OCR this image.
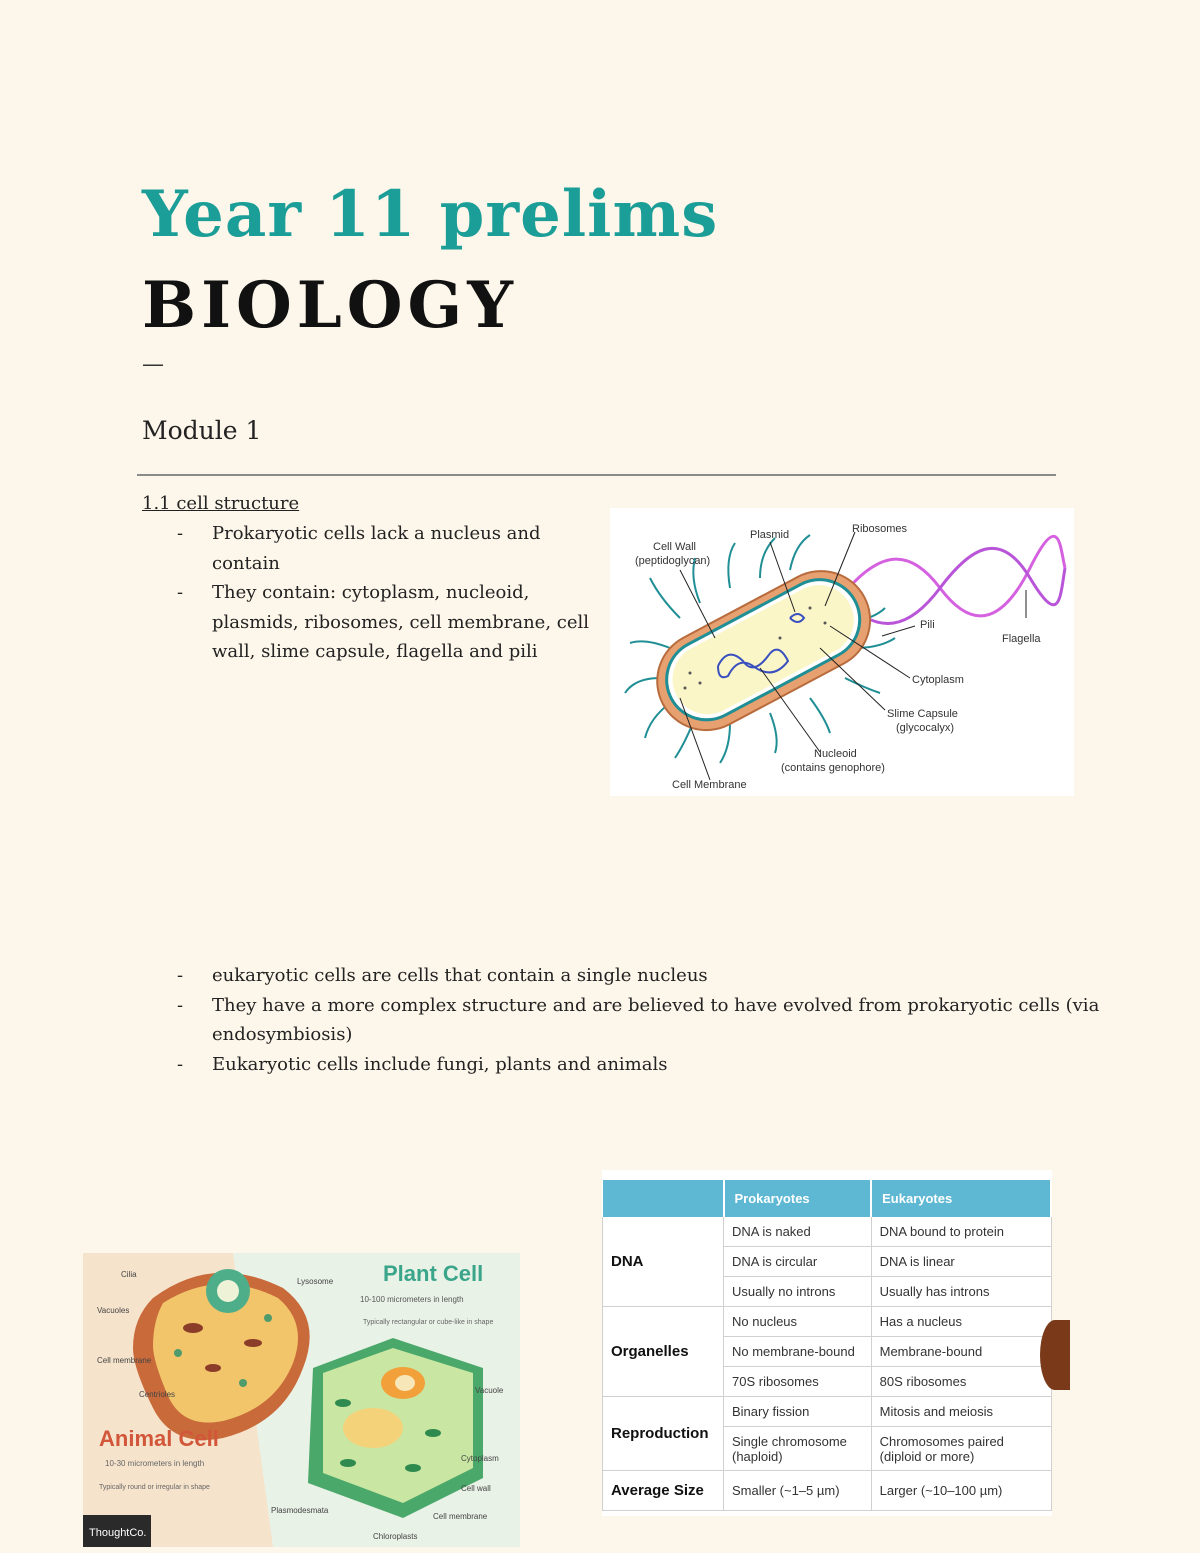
Year 11 prelims
BIOLOGY
—
Module 1
1.1 cell structure
- Prokaryotic cells lack a nucleus and contain
- They contain: cytoplasm, nucleoid, plasmids, ribosomes, cell membrane, cell wall, slime capsule, flagella and pili
Cell Wall
(peptidoglycan)
Plasmid	Ribosomes
Pili
Flagella
Cytoplasm
Slime Capsule
(glycocalyx)
Nucleoid
(contains genophore)
Cell Membrane
- eukaryotic cells are cells that contain a single nucleus
- They have a more complex structure and are believed to have evolved from prokaryotic cells (via endosymbiosis)
- Eukaryotic cells include fungi, plants and animals
	Prokaryotes	Eukaryotes
DNA	DNA is naked	DNA bound to protein
	DNA is circular	DNA is linear
	Usually no introns	Usually has introns
Organelles	No nucleus	Has a nucleus
	No membrane-bound	Membrane-bound
	70S ribosomes	80S ribosomes
Reproduction	Binary fission	Mitosis and meiosis
	Single chromosome (haploid)	Chromosomes paired (diploid or more)
Average Size	Smaller (~1–5 µm)	Larger (~10–100 µm)
Plant Cell
10-100 micrometers in length
Typically rectangular or cube-like in shape
Animal Cell
10-30 micrometers in length
Typically round or irregular in shape
Cilia
Lysosome
Vacuoles
Cell membrane
Centrioles	Vacuole
Cytoplasm
Cell wall
Plasmodesmata
Cell membrane
Chloroplasts
ThoughtCo.
